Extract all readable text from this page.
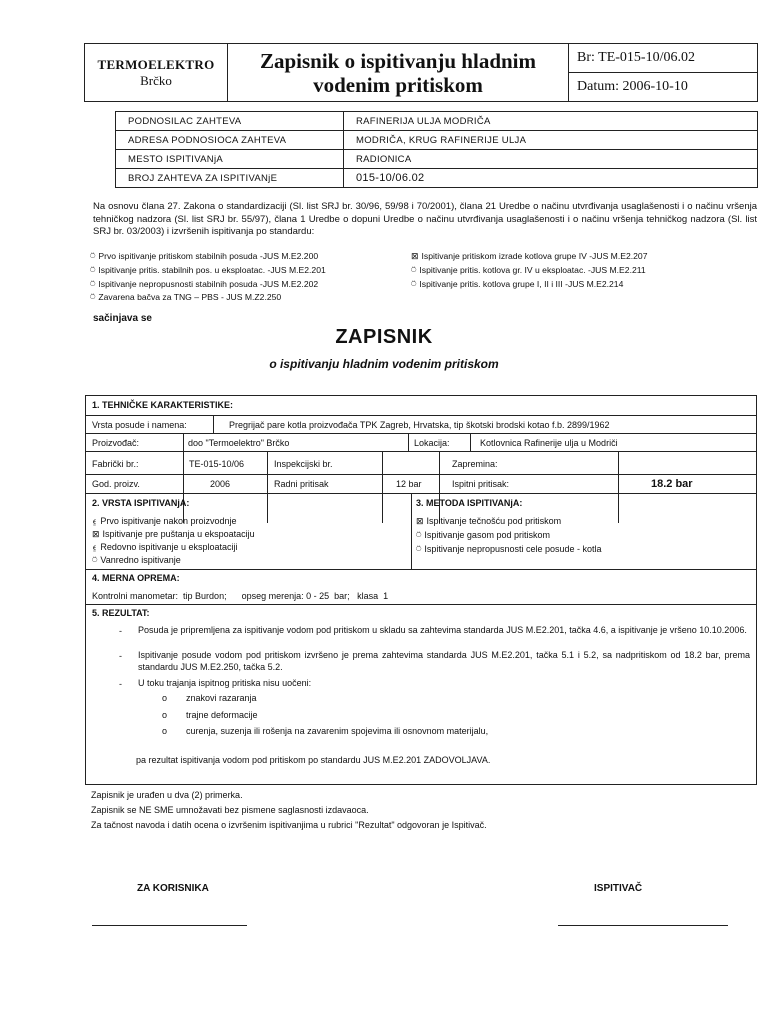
TERMOELEKTRO
Brčko	Zapisnik o ispitivanju hladnim
vodenim pritiskom	Br: TE-015-10/06.02
Datum: 2006-10-10
PODNOSILAC ZAHTEVA	RAFINERIJA ULJA MODRIČA
ADRESA PODNOSIOCA ZAHTEVA	MODRIČA, KRUG RAFINERIJE ULJA
MESTO ISPITIVANjA	RADIONICA
BROJ ZAHTEVA ZA ISPITIVANjE	015-10/06.02
Na osnovu člana 27. Zakona o standardizaciji (Sl. list SRJ br. 30/96, 59/98 i 70/2001), člana 21 Uredbe o načinu utvrđivanja usaglašenosti i o načinu vršenja tehničkog nadzora (Sl. list SRJ br. 55/97), člana 1 Uredbe o dopuni Uredbe o načinu utvrđivanja usaglašenosti i o načinu vršenja tehničkog nadzora (Sl. list SRJ br. 03/2003) i izvršenih ispitivanja po standardu:
⍥ Prvo ispitivanje pritiskom stabilnih posuda -JUS M.E2.200
⍥ Ispitivanje pritis. stabilnih pos. u eksploatac. -JUS M.E2.201
⍥ Ispitivanje nepropusnosti stabilnih posuda -JUS M.E2.202
⍥ Zavarena bačva za TNG – PBS - JUS M.Z2.250
⊠ Ispitivanje pritiskom izrade kotlova grupe IV -JUS M.E2.207
⍥ Ispitivanje pritis. kotlova gr. IV u eksploatac. -JUS M.E2.211
⍥ Ispitivanje pritis. kotlova grupe I, II i III -JUS M.E2.214
sačinjava se
ZAPISNIK
o ispitivanju hladnim vodenim pritiskom
1. TEHNIČKE KARAKTERISTIKE:
Vrsta posude i namena:	Pregrijač pare kotla proizvođača TPK Zagreb, Hrvatska, tip škotski brodski kotao f.b. 2899/1962
Proizvođač:	doo "Termoelektro" Brčko	Lokacija:	Kotlovnica Rafinerije ulja u Modriči
Fabrički br.:	TE-015-10/06	Inspekcijski br.	Zapremina:
God. proizv.	2006	Radni pritisak	12 bar	Ispitni pritisak:	18.2 bar
2. VRSTA ISPITIVANjA:
⍷ Prvo ispitivanje nakon proizvodnje
⊠ Ispitivanje pre puštanja u ekspoataciju
⍷ Redovno ispitivanje u eksploataciji
⍥ Vanredno ispitivanje
3. METODA ISPITIVANjA:
⊠ Ispitivanje tečnošću pod pritiskom
⍥ Ispitivanje gasom pod pritiskom
⍥ Ispitivanje nepropusnosti cele posude - kotla
4. MERNA OPREMA:
Kontrolni manometar:  tip Burdon;      opseg merenja: 0 - 25  bar;   klasa  1
5. REZULTAT:
- Posuda je pripremljena za ispitivanje vodom pod pritiskom u skladu sa zahtevima standarda JUS M.E2.201, tačka 4.6, a ispitivanje je vršeno 10.10.2006.
- Ispitivanje posude vodom pod pritiskom izvršeno je prema zahtevima standarda JUS M.E2.201, tačka 5.1 i 5.2, sa nadpritiskom od 18.2 bar, prema standardu JUS M.E2.250, tačka 5.2.
- U toku trajanja ispitnog pritiska nisu uočeni:
o znakovi razaranja
o trajne deformacije
o curenja, suzenja ili rošenja na zavarenim spojevima ili osnovnom materijalu,
pa rezultat ispitivanja vodom pod pritiskom po standardu JUS M.E2.201 ZADOVOLJAVA.
Zapisnik je urađen u dva (2) primerka.
Zapisnik se NE SME umnožavati bez pismene saglasnosti izdavaoca.
Za tačnost navoda i datih ocena o izvršenim ispitivanjima u rubrici "Rezultat" odgovoran je Ispitivač.
ZA KORISNIKA	ISPITIVAČ
